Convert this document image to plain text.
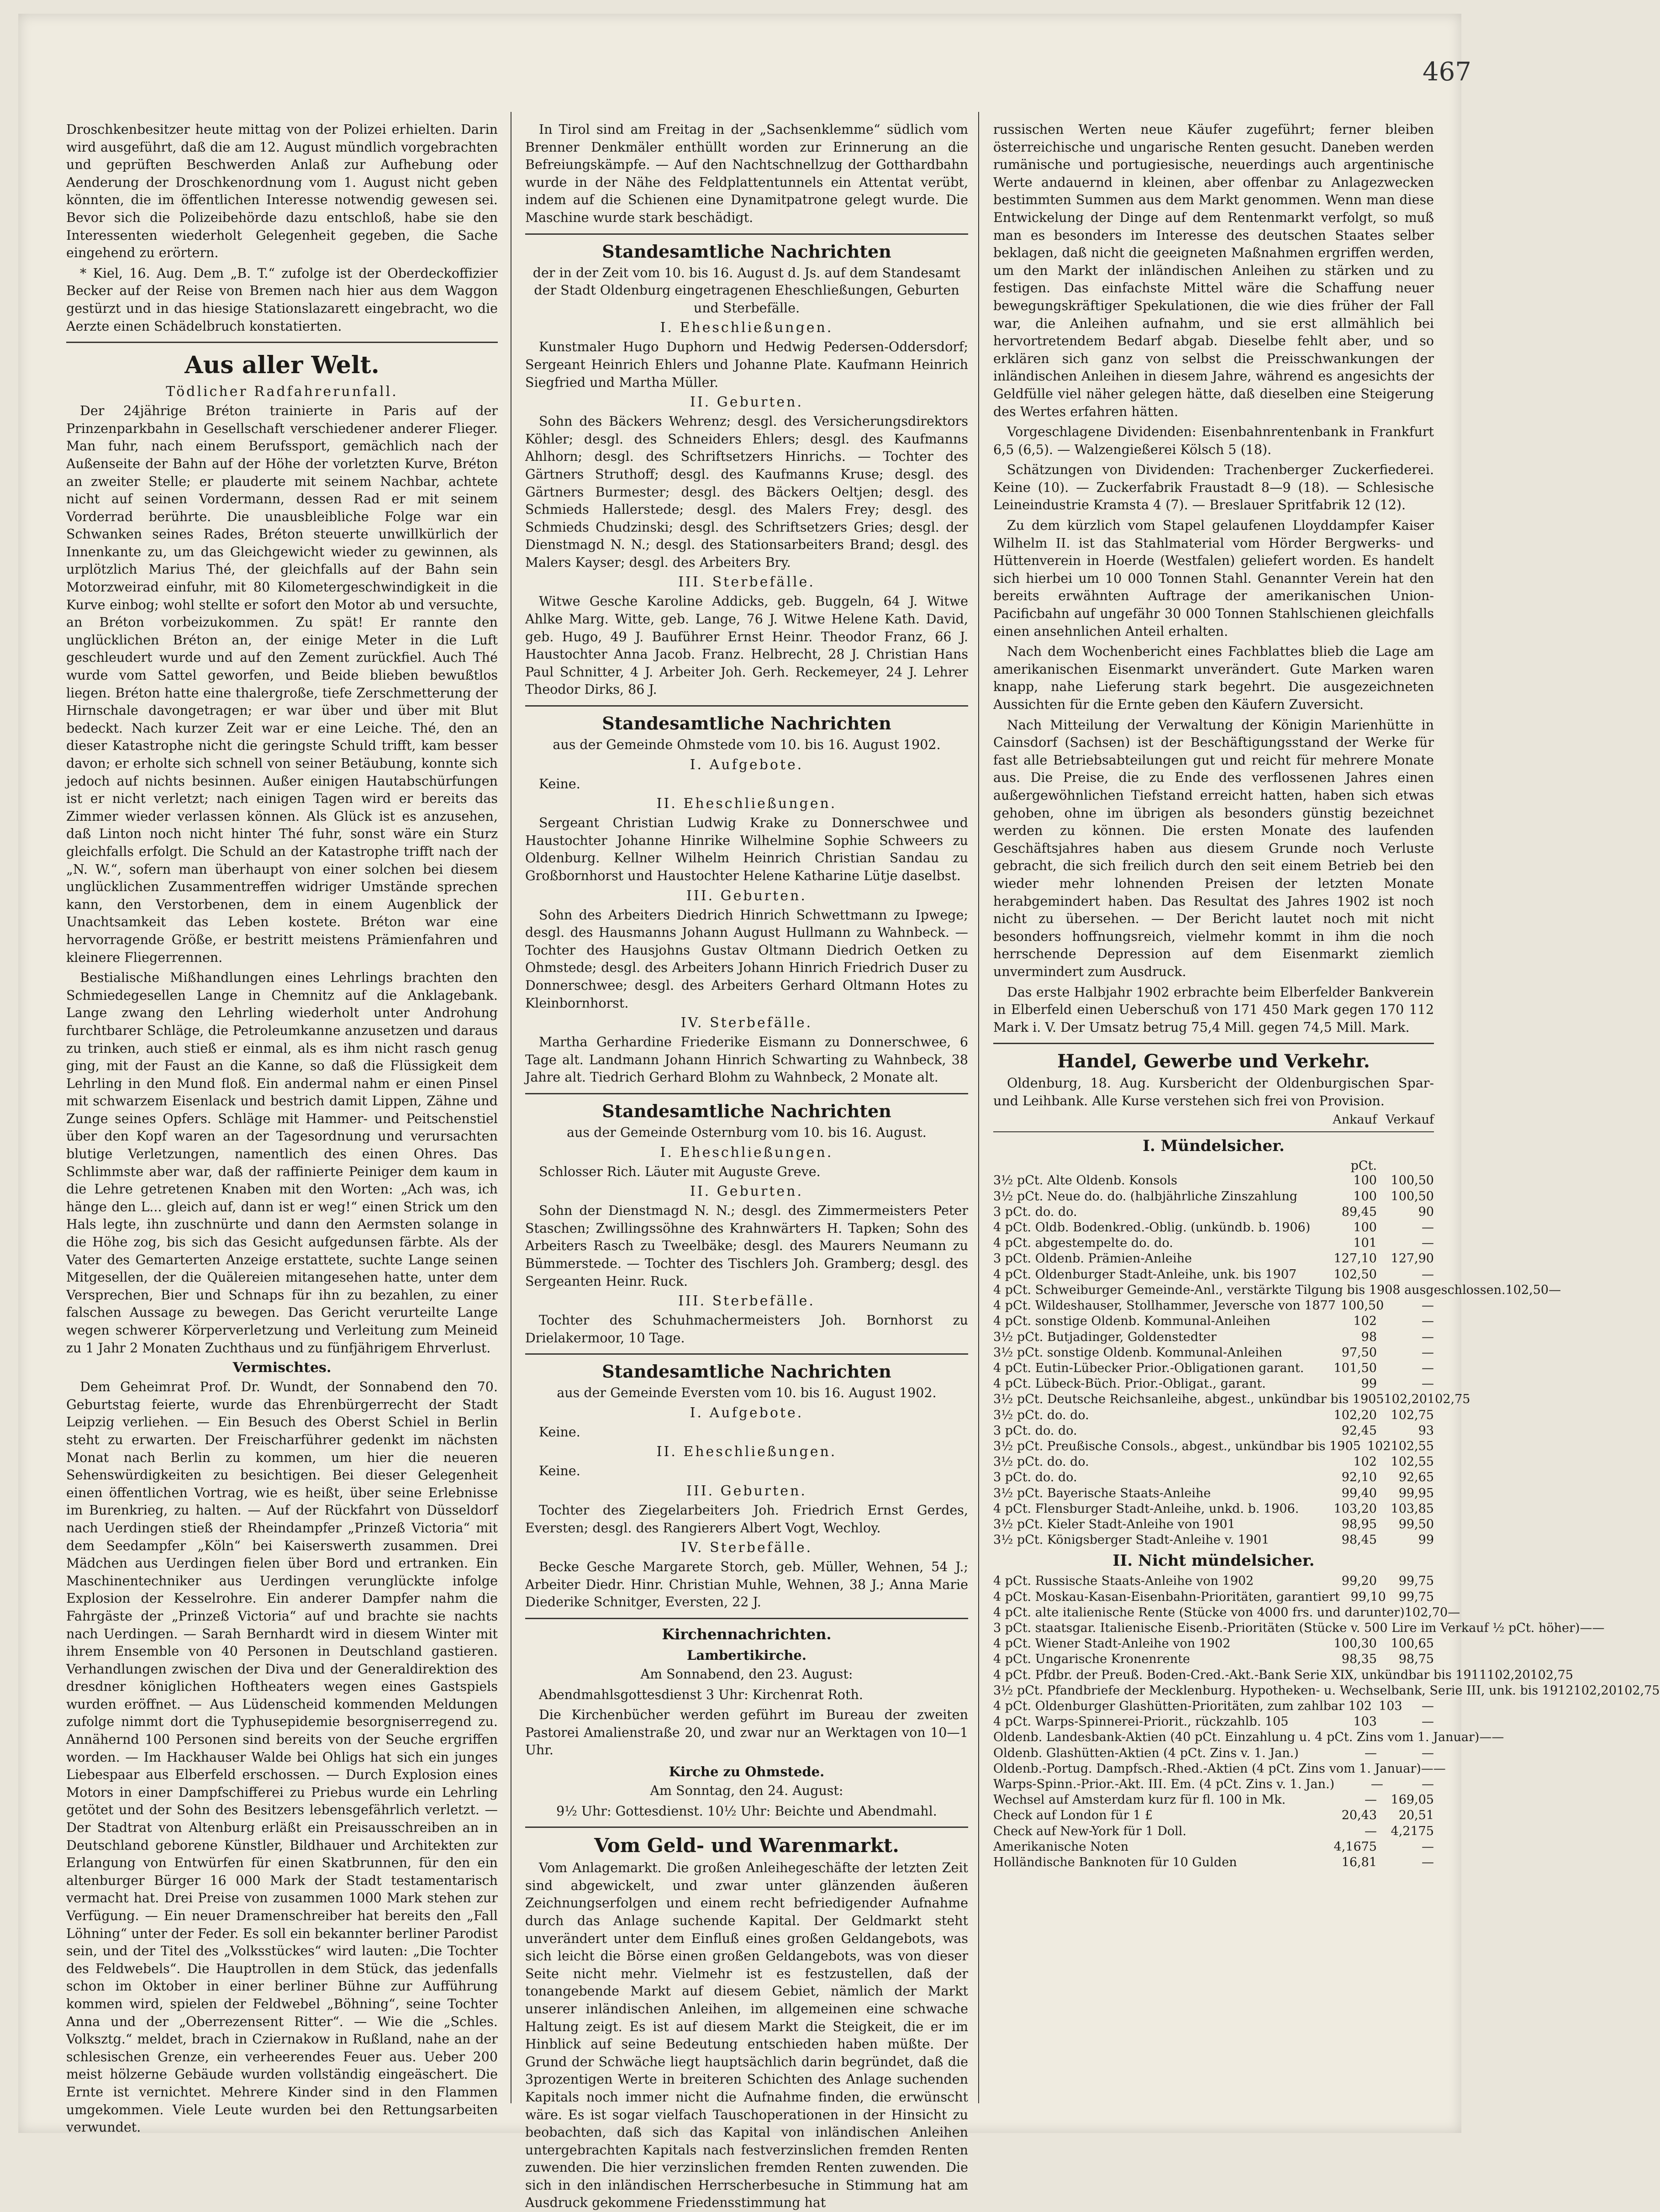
467

Droschkenbesitzer heute mittag von der Polizei erhielten. Darin wird ausgeführt, daß die am 12. August mündlich vorgebrachten und geprüften Beschwerden Anlaß zur Aufhebung oder Aenderung der Droschkenordnung vom 1. August nicht geben könnten, die im öffentlichen Interesse notwendig gewesen sei. Bevor sich die Polizeibehörde dazu entschloß, habe sie den Interessenten wiederholt Gelegenheit gegeben, die Sache eingehend zu erörtern.

* Kiel, 16. Aug. Dem „B. T.“ zufolge ist der Oberdeckoffizier Becker auf der Reise von Bremen nach hier aus dem Waggon gestürzt und in das hiesige Stationslazarett eingebracht, wo die Aerzte einen Schädelbruch konstatierten.

Aus aller Welt.
Tödlicher Radfahrerunfall.

Der 24jährige Bréton trainierte in Paris auf der Prinzenparkbahn in Gesellschaft verschiedener anderer Flieger. Man fuhr, nach einem Berufssport, gemächlich nach der Außenseite der Bahn auf der Höhe der vorletzten Kurve, Bréton an zweiter Stelle; er plauderte mit seinem Nachbar, achtete nicht auf seinen Vordermann, dessen Rad er mit seinem Vorderrad berührte. Die unausbleibliche Folge war ein Schwanken seines Rades, Bréton steuerte unwillkürlich der Innenkante zu, um das Gleichgewicht wieder zu gewinnen, als urplötzlich Marius Thé, der gleichfalls auf der Bahn sein Motorzweirad einfuhr, mit 80 Kilometergeschwindigkeit in die Kurve einbog; wohl stellte er sofort den Motor ab und versuchte, an Bréton vorbeizukommen. Zu spät! Er rannte den unglücklichen Bréton an, der einige Meter in die Luft geschleudert wurde und auf den Zement zurückfiel. Auch Thé wurde vom Sattel geworfen, und Beide blieben bewußtlos liegen. Bréton hatte eine thalergroße, tiefe Zerschmetterung der Hirnschale davongetragen; er war über und über mit Blut bedeckt. Nach kurzer Zeit war er eine Leiche. Thé, den an dieser Katastrophe nicht die geringste Schuld trifft, kam besser davon; er erholte sich schnell von seiner Betäubung, konnte sich jedoch auf nichts besinnen. Außer einigen Hautabschürfungen ist er nicht verletzt; nach einigen Tagen wird er bereits das Zimmer wieder verlassen können. Als Glück ist es anzusehen, daß Linton noch nicht hinter Thé fuhr, sonst wäre ein Sturz gleichfalls erfolgt. Die Schuld an der Katastrophe trifft nach der „N. W.“, sofern man überhaupt von einer solchen bei diesem unglücklichen Zusammentreffen widriger Umstände sprechen kann, den Verstorbenen, dem in einem Augenblick der Unachtsamkeit das Leben kostete. Bréton war eine hervorragende Größe, er bestritt meistens Prämienfahren und kleinere Fliegerrennen.

Bestialische Mißhandlungen eines Lehrlings brachten den Schmiedegesellen Lange in Chemnitz auf die Anklagebank. Lange zwang den Lehrling wiederholt unter Androhung furchtbarer Schläge, die Petroleumkanne anzusetzen und daraus zu trinken, auch stieß er einmal, als es ihm nicht rasch genug ging, mit der Faust an die Kanne, so daß die Flüssigkeit dem Lehrling in den Mund floß. Ein andermal nahm er einen Pinsel mit schwarzem Eisenlack und bestrich damit Lippen, Zähne und Zunge seines Opfers. Schläge mit Hammer- und Peitschenstiel über den Kopf waren an der Tagesordnung und verursachten blutige Verletzungen, namentlich des einen Ohres. Das Schlimmste aber war, daß der raffinierte Peiniger dem kaum in die Lehre getretenen Knaben mit den Worten: „Ach was, ich hänge den L... gleich auf, dann ist er weg!“ einen Strick um den Hals legte, ihn zuschnürte und dann den Aermsten solange in die Höhe zog, bis sich das Gesicht aufgedunsen färbte. Als der Vater des Gemarterten Anzeige erstattete, suchte Lange seinen Mitgesellen, der die Quälereien mitangesehen hatte, unter dem Versprechen, Bier und Schnaps für ihn zu bezahlen, zu einer falschen Aussage zu bewegen. Das Gericht verurteilte Lange wegen schwerer Körperverletzung und Verleitung zum Meineid zu 1 Jahr 2 Monaten Zuchthaus und zu fünfjährigem Ehrverlust.

Vermischtes.

Dem Geheimrat Prof. Dr. Wundt, der Sonnabend den 70. Geburtstag feierte, wurde das Ehrenbürgerrecht der Stadt Leipzig verliehen. — Ein Besuch des Oberst Schiel in Berlin steht zu erwarten. Der Freischarführer gedenkt im nächsten Monat nach Berlin zu kommen, um hier die neueren Sehenswürdigkeiten zu besichtigen. Bei dieser Gelegenheit einen öffentlichen Vortrag, wie es heißt, über seine Erlebnisse im Burenkrieg, zu halten. — Auf der Rückfahrt von Düsseldorf nach Uerdingen stieß der Rheindampfer „Prinzeß Victoria“ mit dem Seedampfer „Köln“ bei Kaiserswerth zusammen. Drei Mädchen aus Uerdingen fielen über Bord und ertranken. Ein Maschinentechniker aus Uerdingen verunglückte infolge Explosion der Kesselrohre. Ein anderer Dampfer nahm die Fahrgäste der „Prinzeß Victoria“ auf und brachte sie nachts nach Uerdingen. — Sarah Bernhardt wird in diesem Winter mit ihrem Ensemble von 40 Personen in Deutschland gastieren. Verhandlungen zwischen der Diva und der Generaldirektion des dresdner königlichen Hoftheaters wegen eines Gastspiels wurden eröffnet. — Aus Lüdenscheid kommenden Meldungen zufolge nimmt dort die Typhusepidemie besorgniserregend zu. Annähernd 100 Personen sind bereits von der Seuche ergriffen worden. — Im Hackhauser Walde bei Ohligs hat sich ein junges Liebespaar aus Elberfeld erschossen. — Durch Explosion eines Motors in einer Dampfschifferei zu Priebus wurde ein Lehrling getötet und der Sohn des Besitzers lebensgefährlich verletzt. — Der Stadtrat von Altenburg erläßt ein Preisausschreiben an in Deutschland geborene Künstler, Bildhauer und Architekten zur Erlangung von Entwürfen für einen Skatbrunnen, für den ein altenburger Bürger 16 000 Mark der Stadt testamentarisch vermacht hat. Drei Preise von zusammen 1000 Mark stehen zur Verfügung. — Ein neuer Dramenschreiber hat bereits den „Fall Löhning“ unter der Feder. Es soll ein bekannter berliner Parodist sein, und der Titel des „Volksstückes“ wird lauten: „Die Tochter des Feldwebels“. Die Hauptrollen in dem Stück, das jedenfalls schon im Oktober in einer berliner Bühne zur Aufführung kommen wird, spielen der Feldwebel „Böhning“, seine Tochter Anna und der „Oberrezensent Ritter“. — Wie die „Schles. Volksztg.“ meldet, brach in Cziernakow in Rußland, nahe an der schlesischen Grenze, ein verheerendes Feuer aus. Ueber 200 meist hölzerne Gebäude wurden vollständig eingeäschert. Die Ernte ist vernichtet. Mehrere Kinder sind in den Flammen umgekommen. Viele Leute wurden bei den Rettungsarbeiten verwundet.

In Tirol sind am Freitag in der „Sachsenklemme“ südlich vom Brenner Denkmäler enthüllt worden zur Erinnerung an die Befreiungskämpfe. — Auf den Nachtschnellzug der Gotthardbahn wurde in der Nähe des Feldplattentunnels ein Attentat verübt, indem auf die Schienen eine Dynamitpatrone gelegt wurde. Die Maschine wurde stark beschädigt.

Standesamtliche Nachrichten

der in der Zeit vom 10. bis 16. August d. Js. auf dem Standesamt der Stadt Oldenburg eingetragenen Eheschließungen, Geburten und Sterbefälle.

I. Eheschließungen.

Kunstmaler Hugo Duphorn und Hedwig Pedersen-Oddersdorf; Sergeant Heinrich Ehlers und Johanne Plate. Kaufmann Heinrich Siegfried und Martha Müller.

II. Geburten.

Sohn des Bäckers Wehrenz; desgl. des Versicherungsdirektors Köhler; desgl. des Schneiders Ehlers; desgl. des Kaufmanns Ahlhorn; desgl. des Schriftsetzers Hinrichs. — Tochter des Gärtners Struthoff; desgl. des Kaufmanns Kruse; desgl. des Gärtners Burmester; desgl. des Bäckers Oeltjen; desgl. des Schmieds Hallerstede; desgl. des Malers Frey; desgl. des Schmieds Chudzinski; desgl. des Schriftsetzers Gries; desgl. der Dienstmagd N. N.; desgl. des Stationsarbeiters Brand; desgl. des Malers Kayser; desgl. des Arbeiters Bry.

III. Sterbefälle.

Witwe Gesche Karoline Addicks, geb. Buggeln, 64 J. Witwe Ahlke Marg. Witte, geb. Lange, 76 J. Witwe Helene Kath. David, geb. Hugo, 49 J. Bauführer Ernst Heinr. Theodor Franz, 66 J. Haustochter Anna Jacob. Franz. Helbrecht, 28 J. Christian Hans Paul Schnitter, 4 J. Arbeiter Joh. Gerh. Reckemeyer, 24 J. Lehrer Theodor Dirks, 86 J.

Standesamtliche Nachrichten

aus der Gemeinde Ohmstede vom 10. bis 16. August 1902.

I. Aufgebote.

Keine.

II. Eheschließungen.

Sergeant Christian Ludwig Krake zu Donnerschwee und Haustochter Johanne Hinrike Wilhelmine Sophie Schweers zu Oldenburg. Kellner Wilhelm Heinrich Christian Sandau zu Großbornhorst und Haustochter Helene Katharine Lütje daselbst.

III. Geburten.

Sohn des Arbeiters Diedrich Hinrich Schwettmann zu Ipwege; desgl. des Hausmanns Johann August Hullmann zu Wahnbeck. — Tochter des Hausjohns Gustav Oltmann Diedrich Oetken zu Ohmstede; desgl. des Arbeiters Johann Hinrich Friedrich Duser zu Donnerschwee; desgl. des Arbeiters Gerhard Oltmann Hotes zu Kleinbornhorst.

IV. Sterbefälle.

Martha Gerhardine Friederike Eismann zu Donnerschwee, 6 Tage alt. Landmann Johann Hinrich Schwarting zu Wahnbeck, 38 Jahre alt. Tiedrich Gerhard Blohm zu Wahnbeck, 2 Monate alt.

Standesamtliche Nachrichten

aus der Gemeinde Osternburg vom 10. bis 16. August.

I. Eheschließungen.

Schlosser Rich. Läuter mit Auguste Greve.

II. Geburten.

Sohn der Dienstmagd N. N.; desgl. des Zimmermeisters Peter Staschen; Zwillingssöhne des Krahnwärters H. Tapken; Sohn des Arbeiters Rasch zu Tweelbäke; desgl. des Maurers Neumann zu Bümmerstede. — Tochter des Tischlers Joh. Gramberg; desgl. des Sergeanten Heinr. Ruck.

III. Sterbefälle.

Tochter des Schuhmachermeisters Joh. Bornhorst zu Drielakermoor, 10 Tage.

Standesamtliche Nachrichten

aus der Gemeinde Eversten vom 10. bis 16. August 1902.

I. Aufgebote.

Keine.

II. Eheschließungen.

Keine.

III. Geburten.

Tochter des Ziegelarbeiters Joh. Friedrich Ernst Gerdes, Eversten; desgl. des Rangierers Albert Vogt, Wechloy.

IV. Sterbefälle.

Becke Gesche Margarete Storch, geb. Müller, Wehnen, 54 J.; Arbeiter Diedr. Hinr. Christian Muhle, Wehnen, 38 J.; Anna Marie Diederike Schnitger, Eversten, 22 J.

Kirchennachrichten.
Lambertikirche.

Am Sonnabend, den 23. August:

Abendmahlsgottesdienst 3 Uhr: Kirchenrat Roth.

Die Kirchenbücher werden geführt im Bureau der zweiten Pastorei Amalienstraße 20, und zwar nur an Werktagen von 10—1 Uhr.

Kirche zu Ohmstede.

Am Sonntag, den 24. August:

9½ Uhr: Gottesdienst. 10½ Uhr: Beichte und Abendmahl.

Vom Geld- und Warenmarkt.

Vom Anlagemarkt. Die großen Anleihegeschäfte der letzten Zeit sind abgewickelt, und zwar unter glänzenden äußeren Zeichnungserfolgen und einem recht befriedigender Aufnahme durch das Anlage suchende Kapital. Der Geldmarkt steht unverändert unter dem Einfluß eines großen Geldangebots, was sich leicht die Börse einen großen Geldangebots, was von dieser Seite nicht mehr. Vielmehr ist es festzustellen, daß der tonangebende Markt auf diesem Gebiet, nämlich der Markt unserer inländischen Anleihen, im allgemeinen eine schwache Haltung zeigt. Es ist auf diesem Markt die Steigkeit, die er im Hinblick auf seine Bedeutung entschieden haben müßte. Der Grund der Schwäche liegt hauptsächlich darin begründet, daß die 3prozentigen Werte in breiteren Schichten des Anlage suchenden Kapitals noch immer nicht die Aufnahme finden, die erwünscht wäre. Es ist sogar vielfach Tauschoperationen in der Hinsicht zu beobachten, daß sich das Kapital von inländischen Anleihen untergebrachten Kapitals nach festverzinslichen fremden Renten zuwenden. Die hier verzinslichen fremden Renten zuwenden. Die sich in den inländischen Herrscherbesuche in Stimmung hat am Ausdruck gekommene Friedensstimmung hat

russischen Werten neue Käufer zugeführt; ferner bleiben österreichische und ungarische Renten gesucht. Daneben werden rumänische und portugiesische, neuerdings auch argentinische Werte andauernd in kleinen, aber offenbar zu Anlagezwecken bestimmten Summen aus dem Markt genommen. Wenn man diese Entwickelung der Dinge auf dem Rentenmarkt verfolgt, so muß man es besonders im Interesse des deutschen Staates selber beklagen, daß nicht die geeigneten Maßnahmen ergriffen werden, um den Markt der inländischen Anleihen zu stärken und zu festigen. Das einfachste Mittel wäre die Schaffung neuer bewegungskräftiger Spekulationen, die wie dies früher der Fall war, die Anleihen aufnahm, und sie erst allmählich bei hervortretendem Bedarf abgab. Dieselbe fehlt aber, und so erklären sich ganz von selbst die Preisschwankungen der inländischen Anleihen in diesem Jahre, während es angesichts der Geldfülle viel näher gelegen hätte, daß dieselben eine Steigerung des Wertes erfahren hätten.

Vorgeschlagene Dividenden: Eisenbahnrentenbank in Frankfurt 6,5 (6,5). — Walzengießerei Kölsch 5 (18).

Schätzungen von Dividenden: Trachenberger Zuckerfiederei. Keine (10). — Zuckerfabrik Fraustadt 8—9 (18). — Schlesische Leineindustrie Kramsta 4 (7). — Breslauer Spritfabrik 12 (12).

Zu dem kürzlich vom Stapel gelaufenen Lloyddampfer Kaiser Wilhelm II. ist das Stahlmaterial vom Hörder Bergwerks- und Hüttenverein in Hoerde (Westfalen) geliefert worden. Es handelt sich hierbei um 10 000 Tonnen Stahl. Genannter Verein hat den bereits erwähnten Auftrage der amerikanischen Union-Pacificbahn auf ungefähr 30 000 Tonnen Stahlschienen gleichfalls einen ansehnlichen Anteil erhalten.

Nach dem Wochenbericht eines Fachblattes blieb die Lage am amerikanischen Eisenmarkt unverändert. Gute Marken waren knapp, nahe Lieferung stark begehrt. Die ausgezeichneten Aussichten für die Ernte geben den Käufern Zuversicht.

Nach Mitteilung der Verwaltung der Königin Marienhütte in Cainsdorf (Sachsen) ist der Beschäftigungsstand der Werke für fast alle Betriebsabteilungen gut und reicht für mehrere Monate aus. Die Preise, die zu Ende des verflossenen Jahres einen außergewöhnlichen Tiefstand erreicht hatten, haben sich etwas gehoben, ohne im übrigen als besonders günstig bezeichnet werden zu können. Die ersten Monate des laufenden Geschäftsjahres haben aus diesem Grunde noch Verluste gebracht, die sich freilich durch den seit einem Betrieb bei den wieder mehr lohnenden Preisen der letzten Monate herabgemindert haben. Das Resultat des Jahres 1902 ist noch nicht zu übersehen. — Der Bericht lautet noch mit nicht besonders hoffnungsreich, vielmehr kommt in ihm die noch herrschende Depression auf dem Eisenmarkt ziemlich unvermindert zum Ausdruck.

Das erste Halbjahr 1902 erbrachte beim Elberfelder Bankverein in Elberfeld einen Ueberschuß von 171 450 Mark gegen 170 112 Mark i. V. Der Umsatz betrug 75,4 Mill. gegen 74,5 Mill. Mark.

Handel, Gewerbe und Verkehr.

Oldenburg, 18. Aug. Kursbericht der Oldenburgischen Spar- und Leihbank. Alle Kurse verstehen sich frei von Provision.

Ankauf Verkauf
I. Mündelsicher.
pCt.
3½ pCt. Alte Oldenb. Konsols	100	100,50
3½ pCt. Neue do. do. (halbjährliche Zinszahlung	100	100,50
3 pCt. do. do.	89,45	90
4 pCt. Oldb. Bodenkred.-Oblig. (unkündb. b. 1906)	100	—
4 pCt. abgestempelte do. do.	101	—
3 pCt. Oldenb. Prämien-Anleihe	127,10	127,90
4 pCt. Oldenburger Stadt-Anleihe, unk. bis 1907	102,50	—
4 pCt. Schweiburger Gemeinde-Anl., verstärkte Tilgung bis 1908 ausgeschlossen. 102,50 —
4 pCt. Wildeshauser, Stollhammer, Jeversche von 1877 100,50	—
4 pCt. sonstige Oldenb. Kommunal-Anleihen	102	—
3½ pCt. Butjadinger, Goldenstedter	98	—
3½ pCt. sonstige Oldenb. Kommunal-Anleihen	97,50	—
4 pCt. Eutin-Lübecker Prior.-Obligationen garant.	101,50	—
4 pCt. Lübeck-Büch. Prior.-Obligat., garant.	99	—
3½ pCt. Deutsche Reichsanleihe, abgest., unkündbar bis 1905 102,20 102,75
3½ pCt. do. do.	102,20	102,75
3 pCt. do. do.	92,45	93
3½ pCt. Preußische Consols., abgest., unkündbar bis 1905 102 102,55
3½ pCt. do. do.	102	102,55
3 pCt. do. do.	92,10	92,65
3½ pCt. Bayerische Staats-Anleihe	99,40	99,95
4 pCt. Flensburger Stadt-Anleihe, unkd. b. 1906.	103,20	103,85
3½ pCt. Kieler Stadt-Anleihe von 1901	98,95	99,50
3½ pCt. Königsberger Stadt-Anleihe v. 1901	98,45	99
II. Nicht mündelsicher.
4 pCt. Russische Staats-Anleihe von 1902	99,20	99,75
4 pCt. Moskau-Kasan-Eisenbahn-Prioritäten, garantiert 99,10	99,75
4 pCt. alte italienische Rente (Stücke von 4000 frs. und darunter) 102,70 —
3 pCt. staatsgar. Italienische Eisenb.-Prioritäten (Stücke v. 500 Lire im Verkauf ½ pCt. höher) — —
4 pCt. Wiener Stadt-Anleihe von 1902	100,30	100,65
4 pCt. Ungarische Kronenrente	98,35	98,75
4 pCt. Pfdbr. der Preuß. Boden-Cred.-Akt.-Bank Serie XIX, unkündbar bis 1911 102,20 102,75
3½ pCt. Pfandbriefe der Mecklenburg. Hypotheken- u. Wechselbank, Serie III, unk. bis 1912 102,20 102,75
4 pCt. Oldenburger Glashütten-Prioritäten, zum zahlbar 102 103	—
4 pCt. Warps-Spinnerei-Priorit., rückzahlb. 105	103	—
Oldenb. Landesbank-Aktien (40 pCt. Einzahlung u. 4 pCt. Zins vom 1. Januar) — —
Oldenb. Glashütten-Aktien (4 pCt. Zins v. 1. Jan.)	—	—
Oldenb.-Portug. Dampfsch.-Rhed.-Aktien (4 pCt. Zins vom 1. Januar) — —
Warps-Spinn.-Prior.-Akt. III. Em. (4 pCt. Zins v. 1. Jan.)	—	—
Wechsel auf Amsterdam kurz für fl. 100 in Mk.	—	169,05
Check auf London für 1 £	20,43	20,51
Check auf New-York für 1 Doll.	—	4,2175
Amerikanische Noten	4,1675	—
Holländische Banknoten für 10 Gulden	16,81	—
